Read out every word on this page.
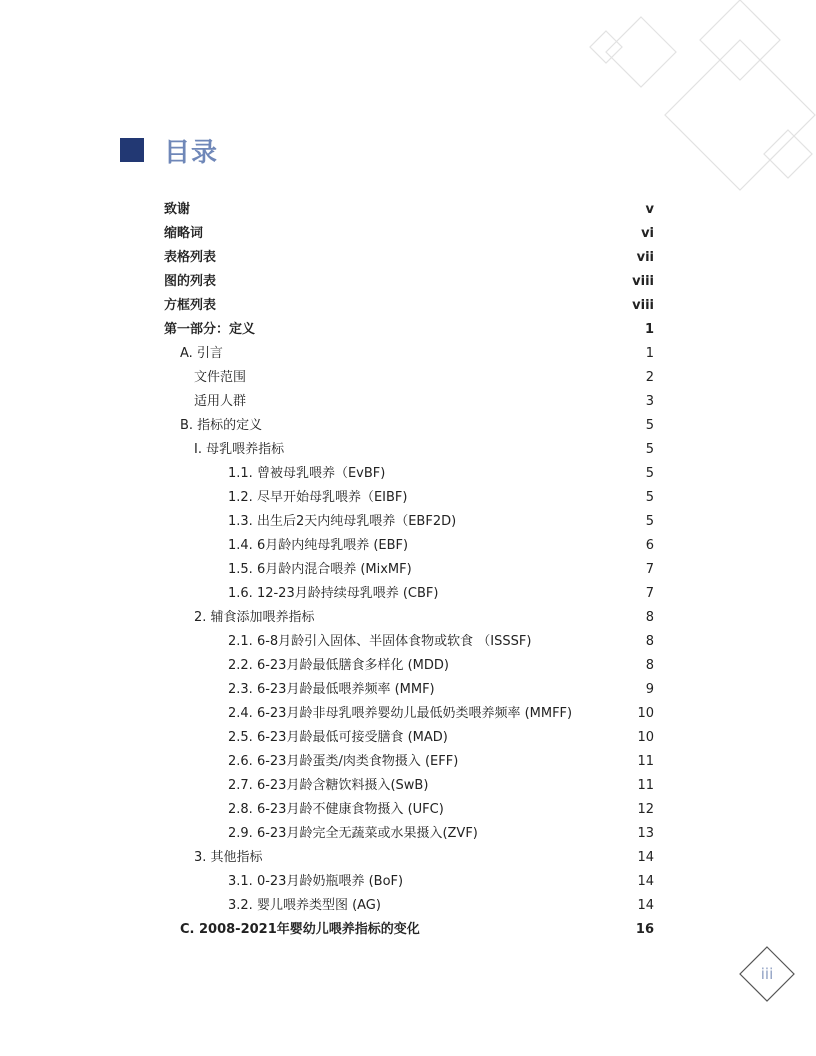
目录
致谢	v
缩略词	vi
表格列表	vii
图的列表	viii
方框列表	viii
第一部分：定义	1
A. 引言	1
文件范围	2
适用人群	3
B. 指标的定义	5
I. 母乳喂养指标	5
1.1. 曾被母乳喂养（EvBF)	5
1.2. 尽早开始母乳喂养（EIBF)	5
1.3. 出生后2天内纯母乳喂养（EBF2D)	5
1.4. 6月龄内纯母乳喂养 (EBF)	6
1.5. 6月龄内混合喂养 (MixMF)	7
1.6. 12-23月龄持续母乳喂养 (CBF)	7
2. 辅食添加喂养指标	8
2.1. 6-8月龄引入固体、半固体食物或软食 （ISSSF)	8
2.2. 6-23月龄最低膳食多样化 (MDD)	8
2.3. 6-23月龄最低喂养频率 (MMF)	9
2.4. 6-23月龄非母乳喂养婴幼儿最低奶类喂养频率 (MMFF)	10
2.5. 6-23月龄最低可接受膳食 (MAD)	10
2.6. 6-23月龄蛋类/肉类食物摄入 (EFF)	11
2.7. 6-23月龄含糖饮料摄入(SwB)	11
2.8. 6-23月龄不健康食物摄入 (UFC)	12
2.9. 6-23月龄完全无蔬菜或水果摄入(ZVF)	13
3. 其他指标	14
3.1. 0-23月龄奶瓶喂养 (BoF)	14
3.2. 婴儿喂养类型图 (AG)	14
C. 2008-2021年婴幼儿喂养指标的变化	16
iii
